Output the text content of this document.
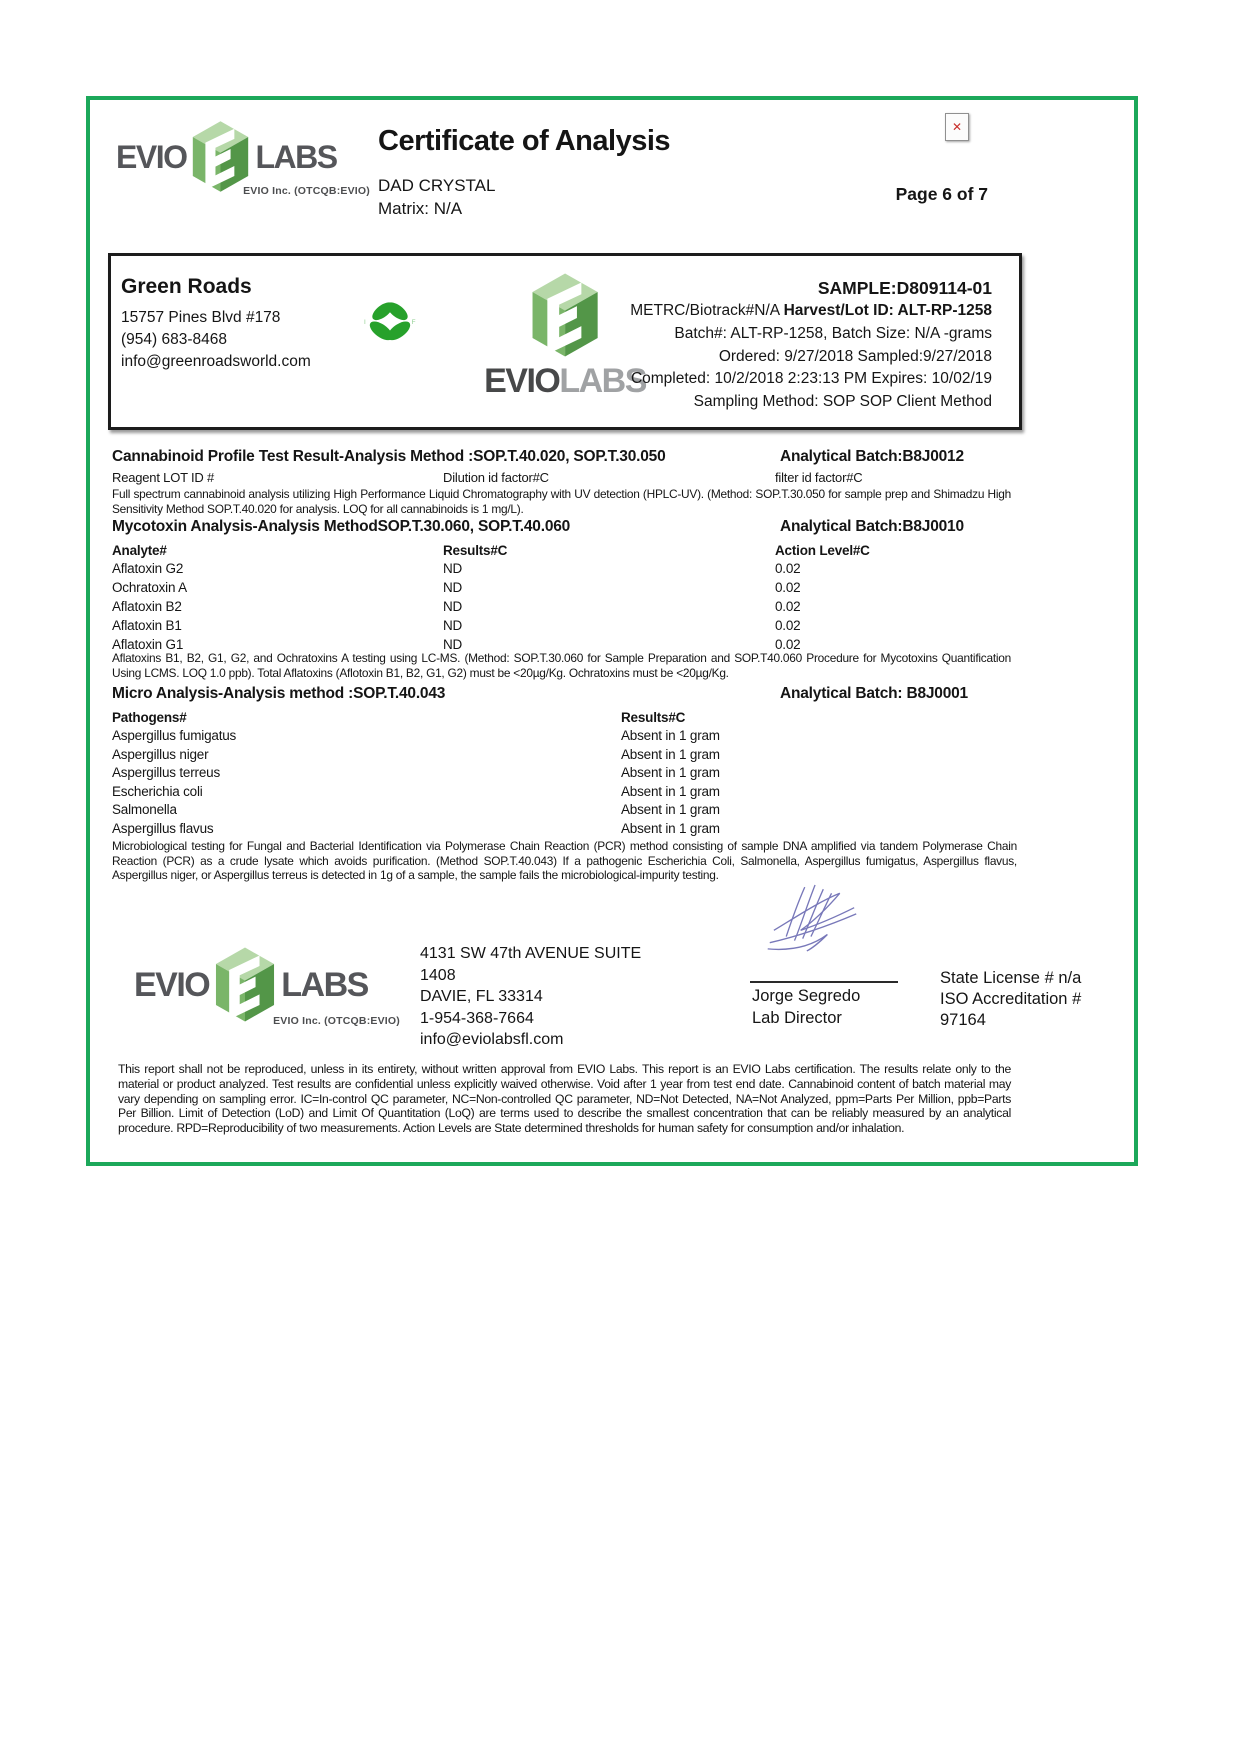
EVIO LABS
EVIO Inc. (OTCQB:EVIO)
Certificate of Analysis
DAD CRYSTAL
Matrix: N/A
✕
Page 6 of 7
Green Roads
15757 Pines Blvd #178
(954) 683-8468
info@greenroadsworld.com
I	F
EVIOLABS
SAMPLE:D809114-01
METRC/Biotrack#N/A Harvest/Lot ID: ALT-RP-1258
Batch#: ALT-RP-1258, Batch Size: N/A -grams
Ordered: 9/27/2018 Sampled:9/27/2018
Completed: 10/2/2018 2:23:13 PM Expires: 10/02/19
Sampling Method: SOP SOP Client Method
Cannabinoid Profile Test Result-Analysis Method :SOP.T.40.020, SOP.T.30.050	Analytical Batch:B8J0012
Reagent LOT ID #	Dilution id factor#C	filter id factor#C
Full spectrum cannabinoid analysis utilizing High Performance Liquid Chromatography with UV detection (HPLC-UV). (Method: SOP.T.30.050 for sample prep and Shimadzu High Sensitivity Method SOP.T.40.020 for analysis. LOQ for all cannabinoids is 1 mg/L).
Mycotoxin Analysis-Analysis MethodSOP.T.30.060, SOP.T.40.060	Analytical Batch:B8J0010
Analyte#	Results#C	Action Level#C
Aflatoxin G2	ND	0.02
Ochratoxin A	ND	0.02
Aflatoxin B2	ND	0.02
Aflatoxin B1	ND	0.02
Aflatoxin G1	ND	0.02
Aflatoxins B1, B2, G1, G2, and Ochratoxins A testing using LC-MS. (Method: SOP.T.30.060 for Sample Preparation and SOP.T40.060 Procedure for Mycotoxins Quantification Using LCMS. LOQ 1.0 ppb). Total Aflatoxins (Aflotoxin B1, B2, G1, G2) must be <20µg/Kg. Ochratoxins must be <20µg/Kg.
Micro Analysis-Analysis method :SOP.T.40.043	Analytical Batch: B8J0001
Pathogens#	Results#C
Aspergillus fumigatus	Absent in 1 gram
Aspergillus niger	Absent in 1 gram
Aspergillus terreus	Absent in 1 gram
Escherichia coli	Absent in 1 gram
Salmonella	Absent in 1 gram
Aspergillus flavus	Absent in 1 gram
Microbiological testing for Fungal and Bacterial Identification via Polymerase Chain Reaction (PCR) method consisting of sample DNA amplified via tandem Polymerase Chain Reaction (PCR) as a crude lysate which avoids purification. (Method SOP.T.40.043) If a pathogenic Escherichia Coli, Salmonella, Aspergillus fumigatus, Aspergillus flavus, Aspergillus niger, or Aspergillus terreus is detected in 1g of a sample, the sample fails the microbiological-impurity testing.
EVIO LABS
EVIO Inc. (OTCQB:EVIO)
4131 SW 47th AVENUE SUITE
1408
DAVIE, FL 33314
1-954-368-7664
info@eviolabsfl.com
Jorge Segredo
Lab Director
State License # n/a
ISO Accreditation #
97164
This report shall not be reproduced, unless in its entirety, without written approval from EVIO Labs. This report is an EVIO Labs certification. The results relate only to the material or product analyzed. Test results are confidential unless explicitly waived otherwise. Void after 1 year from test end date. Cannabinoid content of batch material may vary depending on sampling error. IC=In-control QC parameter, NC=Non-controlled QC parameter, ND=Not Detected, NA=Not Analyzed, ppm=Parts Per Million, ppb=Parts Per Billion. Limit of Detection (LoD) and Limit Of Quantitation (LoQ) are terms used to describe the smallest concentration that can be reliably measured by an analytical procedure. RPD=Reproducibility of two measurements. Action Levels are State determined thresholds for human safety for consumption and/or inhalation.
